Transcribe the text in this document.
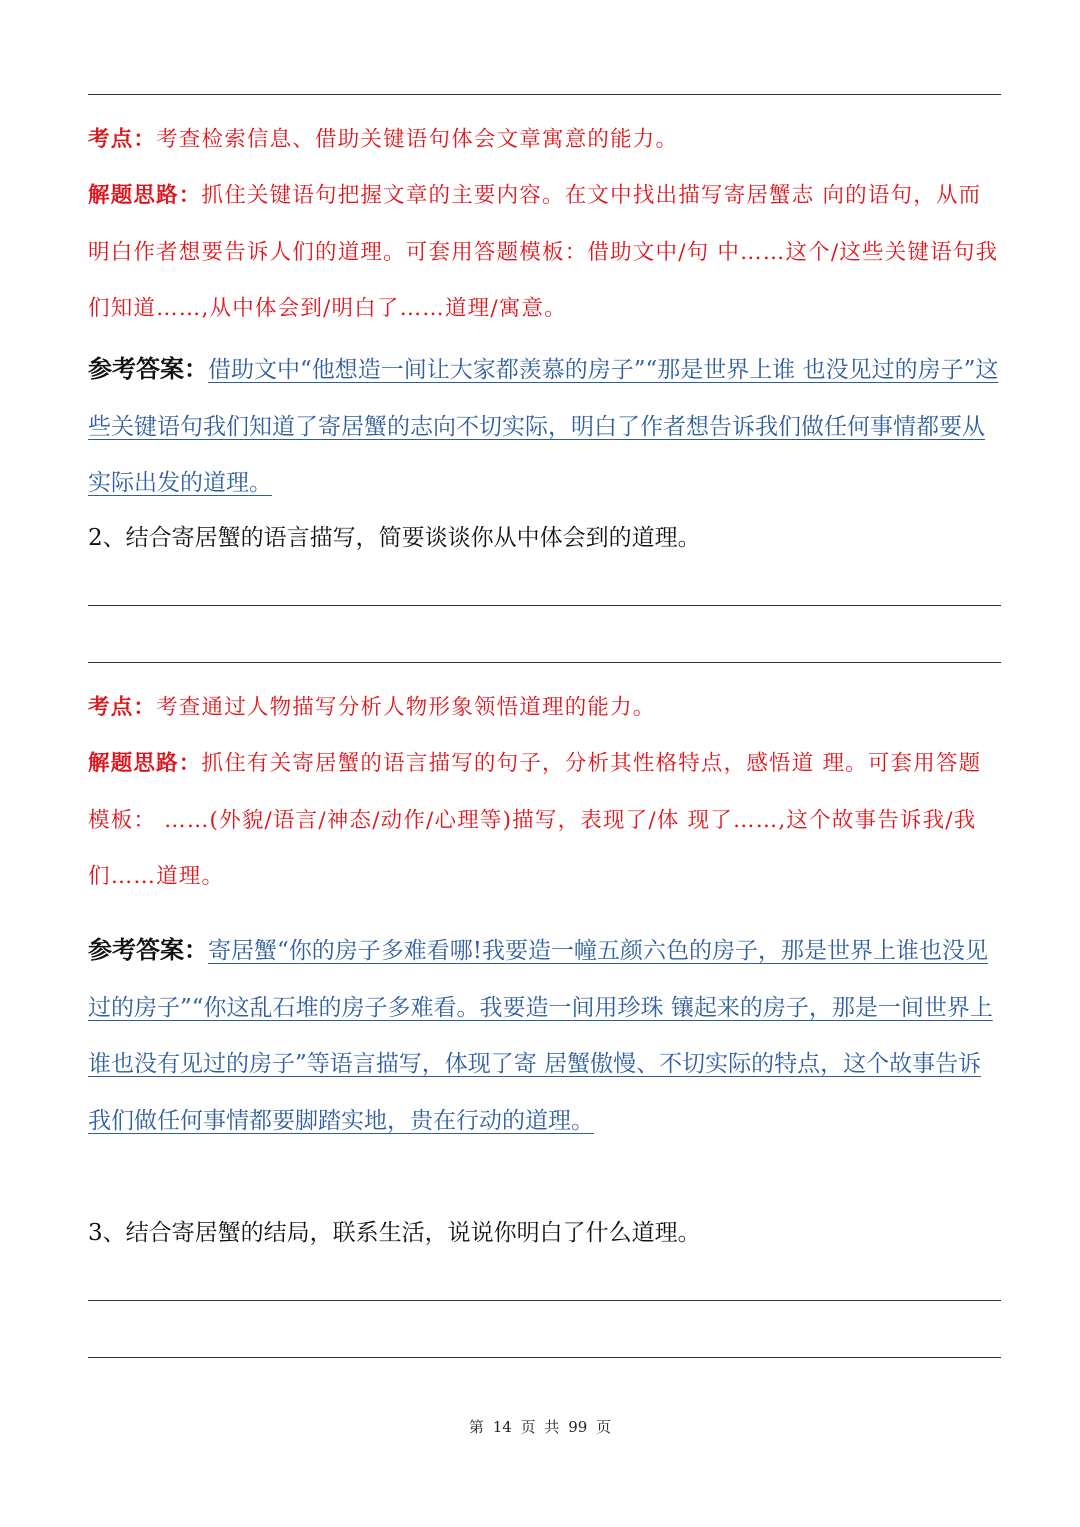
考点：考查检索信息、借助关键语句体会文章寓意的能力。

解题思路：抓住关键语句把握文章的主要内容。在文中找出描写寄居蟹志 向的语句，从而明白作者想要告诉人们的道理。可套用答题模板：借助文中/句 中……这个/这些关键语句我们知道……,从中体会到/明白了……道理/寓意。

参考答案：借助文中“他想造一间让大家都羡慕的房子”“那是世界上谁 也没见过的房子”这些关键语句我们知道了寄居蟹的志向不切实际，明白了作者想告诉我们做任何事情都要从实际出发的道理。

2、结合寄居蟹的语言描写，简要谈谈你从中体会到的道理。

考点：考查通过人物描写分析人物形象领悟道理的能力。

解题思路：抓住有关寄居蟹的语言描写的句子，分析其性格特点，感悟道 理。可套用答题模板： ……(外貌/语言/神态/动作/心理等)描写，表现了/体 现了……,这个故事告诉我/我们……道理。

参考答案：寄居蟹“你的房子多难看哪!我要造一幢五颜六色的房子，那是世界上谁也没见过的房子”“你这乱石堆的房子多难看。我要造一间用珍珠 镶起来的房子，那是一间世界上谁也没有见过的房子”等语言描写，体现了寄 居蟹傲慢、不切实际的特点，这个故事告诉我们做任何事情都要脚踏实地，贵在行动的道理。

3、结合寄居蟹的结局，联系生活，说说你明白了什么道理。

第 14 页 共 99 页
